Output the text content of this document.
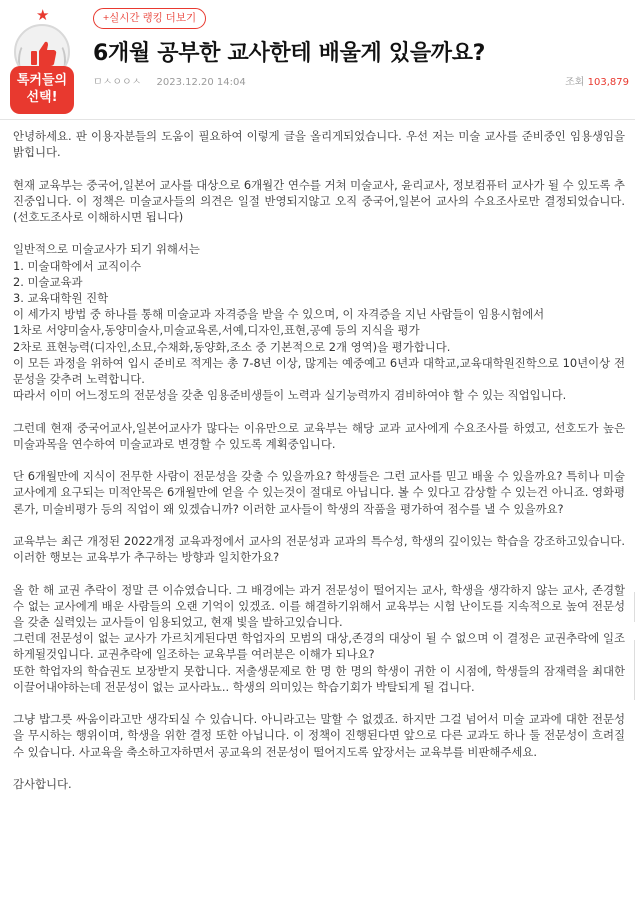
★
톡커들의
선택!
+실시간 랭킹 더보기
6개월 공부한 교사한테 배울게 있을까요?
ㅁㅅㅇㅇㅅ 2023.12.20 14:04	조회 103,879

안녕하세요. 판 이용자분들의 도움이 필요하여 이렇게 글을 올리게되었습니다. 우선 저는 미술 교사를 준비중인 임용생임을 밝힙니다.

현재 교육부는 중국어,일본어 교사를 대상으로 6개월간 연수를 거쳐 미술교사, 윤리교사, 정보컴퓨터 교사가 될 수 있도록 추진중입니다. 이 정책은 미술교사들의 의견은 일절 반영되지않고 오직 중국어,일본어 교사의 수요조사로만 결정되었습니다. (선호도조사로 이해하시면 됩니다)

일반적으로 미술교사가 되기 위해서는

1. 미술대학에서 교직이수

2. 미술교육과

3. 교육대학원 진학

이 세가지 방법 중 하나를 통해 미술교과 자격증을 받을 수 있으며, 이 자격증을 지닌 사람들이 임용시험에서

1차로 서양미술사,동양미술사,미술교육론,서예,디자인,표현,공예 등의 지식을 평가

2차로 표현능력(디자인,소묘,수채화,동양화,조소 중 기본적으로 2개 영역)을 평가합니다.

이 모든 과정을 위하여 입시 준비로 적게는 총 7-8년 이상, 많게는 예중예고 6년과 대학교,교육대학원진학으로 10년이상 전문성을 갖추려 노력합니다.

따라서 이미 어느정도의 전문성을 갖춘 임용준비생들이 노력과 실기능력까지 겸비하여야 할 수 있는 직업입니다.

그런데 현재 중국어교사,일본어교사가 많다는 이유만으로 교육부는 해당 교과 교사에게 수요조사를 하였고, 선호도가 높은 미술과목을 연수하여 미술교과로 변경할 수 있도록 계획중입니다.

단 6개월만에 지식이 전무한 사람이 전문성을 갖출 수 있을까요? 학생들은 그런 교사를 믿고 배울 수 있을까요? 특히나 미술교사에게 요구되는 미적안목은 6개월만에 얻을 수 있는것이 절대로 아닙니다. 볼 수 있다고 감상할 수 있는건 아니죠. 영화평론가, 미술비평가 등의 직업이 왜 있겠습니까? 이러한 교사들이 학생의 작품을 평가하여 점수를 낼 수 있을까요?

교육부는 최근 개정된 2022개정 교육과정에서 교사의 전문성과 교과의 특수성, 학생의 깊이있는 학습을 강조하고있습니다. 이러한 행보는 교육부가 추구하는 방향과 일치한가요?

올 한 해 교권 추락이 정말 큰 이슈였습니다. 그 배경에는 과거 전문성이 떨어지는 교사, 학생을 생각하지 않는 교사, 존경할 수 없는 교사에게 배운 사람들의 오랜 기억이 있겠죠. 이를 해결하기위해서 교육부는 시험 난이도를 지속적으로 높여 전문성을 갖춘 실력있는 교사들이 임용되었고, 현재 빛을 발하고있습니다.

그런데 전문성이 없는 교사가 가르치게된다면 학업자의 모범의 대상,존경의 대상이 될 수 없으며 이 결정은 교권추락에 일조하게될것입니다. 교권추락에 일조하는 교육부를 여러분은 이해가 되나요?

또한 학업자의 학습권도 보장받지 못합니다. 저출생문제로 한 명 한 명의 학생이 귀한 이 시점에, 학생들의 잠재력을 최대한 이끌어내야하는데 전문성이 없는 교사라뇨.. 학생의 의미있는 학습기회가 박탈되게 될 겁니다.

그냥 밥그릇 싸움이라고만 생각되실 수 있습니다. 아니라고는 말할 수 없겠죠. 하지만 그걸 넘어서 미술 교과에 대한 전문성을 무시하는 행위이며, 학생을 위한 결정 또한 아닙니다. 이 정책이 진행된다면 앞으로 다른 교과도 하나 둘 전문성이 흐려질 수 있습니다. 사교육을 축소하고자하면서 공교육의 전문성이 떨어지도록 앞장서는 교육부를 비판해주세요.

감사합니다.
